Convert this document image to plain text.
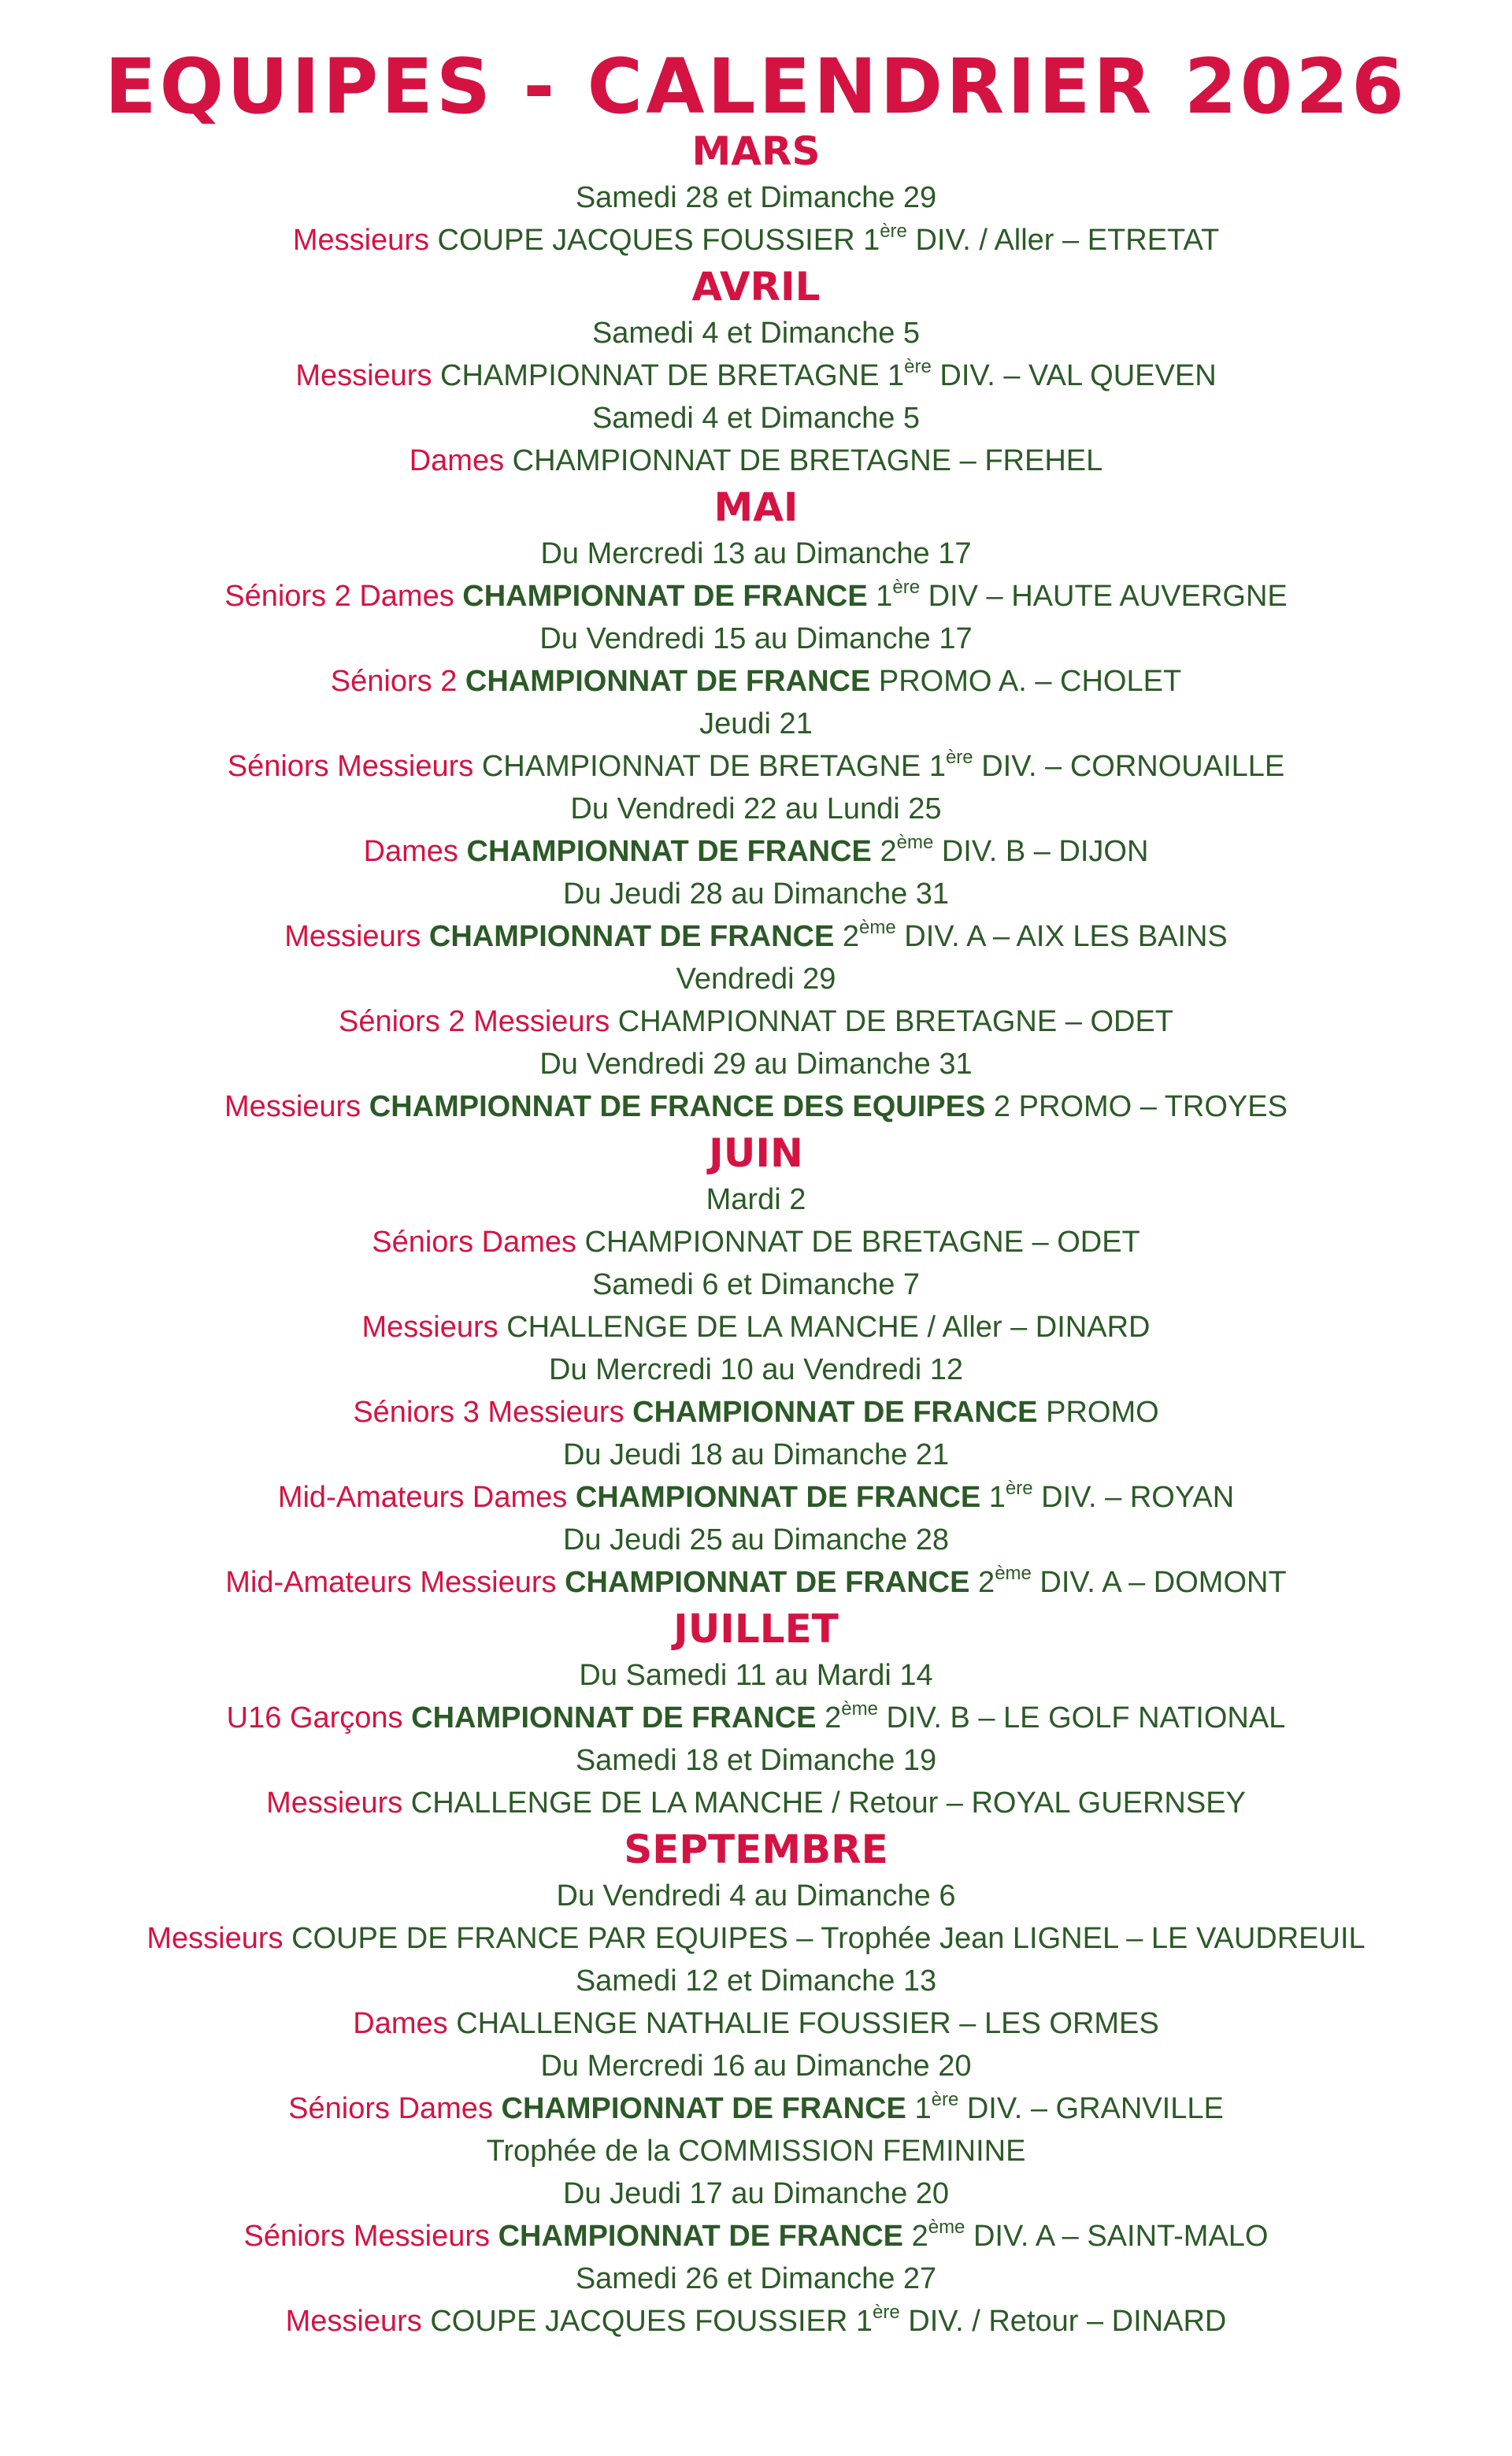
EQUIPES - CALENDRIER 2026
MARS
Samedi 28 et Dimanche 29
Messieurs COUPE JACQUES FOUSSIER 1ère DIV. / Aller – ETRETAT
AVRIL
Samedi 4 et Dimanche 5
Messieurs CHAMPIONNAT DE BRETAGNE 1ère DIV. – VAL QUEVEN
Samedi 4 et Dimanche 5
Dames CHAMPIONNAT DE BRETAGNE – FREHEL
MAI
Du Mercredi 13 au Dimanche 17
Séniors 2 Dames CHAMPIONNAT DE FRANCE 1ère DIV – HAUTE AUVERGNE
Du Vendredi 15 au Dimanche 17
Séniors 2 CHAMPIONNAT DE FRANCE PROMO A. – CHOLET
Jeudi 21
Séniors Messieurs CHAMPIONNAT DE BRETAGNE 1ère DIV. – CORNOUAILLE
Du Vendredi 22 au Lundi 25
Dames CHAMPIONNAT DE FRANCE 2ème DIV. B – DIJON
Du Jeudi 28 au Dimanche 31
Messieurs CHAMPIONNAT DE FRANCE 2ème DIV. A – AIX LES BAINS
Vendredi 29
Séniors 2 Messieurs CHAMPIONNAT DE BRETAGNE – ODET
Du Vendredi 29 au Dimanche 31
Messieurs CHAMPIONNAT DE FRANCE DES EQUIPES 2 PROMO – TROYES
JUIN
Mardi 2
Séniors Dames CHAMPIONNAT DE BRETAGNE – ODET
Samedi 6 et Dimanche 7
Messieurs CHALLENGE DE LA MANCHE / Aller – DINARD
Du Mercredi 10 au Vendredi 12
Séniors 3 Messieurs CHAMPIONNAT DE FRANCE PROMO
Du Jeudi 18 au Dimanche 21
Mid-Amateurs Dames CHAMPIONNAT DE FRANCE 1ère DIV. – ROYAN
Du Jeudi 25 au Dimanche 28
Mid-Amateurs Messieurs CHAMPIONNAT DE FRANCE 2ème DIV. A – DOMONT
JUILLET
Du Samedi 11 au Mardi 14
U16 Garçons CHAMPIONNAT DE FRANCE 2ème DIV. B – LE GOLF NATIONAL
Samedi 18 et Dimanche 19
Messieurs CHALLENGE DE LA MANCHE / Retour – ROYAL GUERNSEY
SEPTEMBRE
Du Vendredi 4 au Dimanche 6
Messieurs COUPE DE FRANCE PAR EQUIPES – Trophée Jean LIGNEL – LE VAUDREUIL
Samedi 12 et Dimanche 13
Dames CHALLENGE NATHALIE FOUSSIER – LES ORMES
Du Mercredi 16 au Dimanche 20
Séniors Dames CHAMPIONNAT DE FRANCE 1ère DIV. – GRANVILLE
Trophée de la COMMISSION FEMININE
Du Jeudi 17 au Dimanche 20
Séniors Messieurs CHAMPIONNAT DE FRANCE 2ème DIV. A – SAINT-MALO
Samedi 26 et Dimanche 27
Messieurs COUPE JACQUES FOUSSIER 1ère DIV. / Retour – DINARD
